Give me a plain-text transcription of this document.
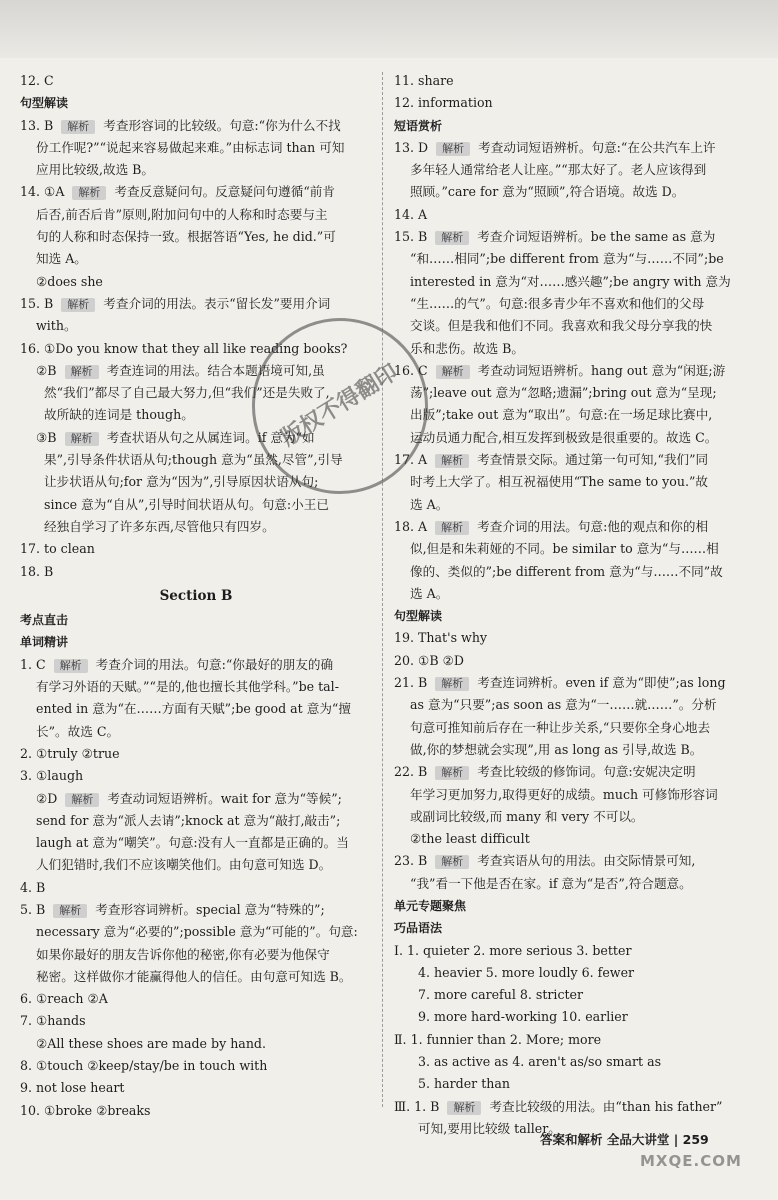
12. C
句型解读
13. B 解析 考查形容词的比较级。句意:“你为什么不找
份工作呢?”“说起来容易做起来难。”由标志词 than 可知
应用比较级,故选 B。
14. ①A 解析 考查反意疑问句。反意疑问句遵循“前肯
后否,前否后肯”原则,附加问句中的人称和时态要与主
句的人称和时态保持一致。根据答语“Yes, he did.”可
知选 A。
②does she
15. B 解析 考查介词的用法。表示“留长发”要用介词
with。
16. ①Do you know that they all like reading books?
②B 解析 考查连词的用法。结合本题语境可知,虽
然“我们”都尽了自己最大努力,但“我们”还是失败了,
故所缺的连词是 though。
③B 解析 考查状语从句之从属连词。if 意为“如
果”,引导条件状语从句;though 意为“虽然,尽管”,引导
让步状语从句;for 意为“因为”,引导原因状语从句;
since 意为“自从”,引导时间状语从句。句意:小王已
经独自学习了许多东西,尽管他只有四岁。
17. to clean
18. B
Section B
考点直击
单词精讲
1. C 解析 考查介词的用法。句意:“你最好的朋友的确
有学习外语的天赋。”“是的,他也擅长其他学科。”be tal-
ented in 意为“在……方面有天赋”;be good at 意为“擅
长”。故选 C。
2. ①truly ②true
3. ①laugh
②D 解析 考查动词短语辨析。wait for 意为“等候”;
send for 意为“派人去请”;knock at 意为“敲打,敲击”;
laugh at 意为“嘲笑”。句意:没有人一直都是正确的。当
人们犯错时,我们不应该嘲笑他们。由句意可知选 D。
4. B
5. B 解析 考查形容词辨析。special 意为“特殊的”;
necessary 意为“必要的”;possible 意为“可能的”。句意:
如果你最好的朋友告诉你他的秘密,你有必要为他保守
秘密。这样做你才能赢得他人的信任。由句意可知选 B。
6. ①reach ②A
7. ①hands
②All these shoes are made by hand.
8. ①touch ②keep/stay/be in touch with
9. not lose heart
10. ①broke ②breaks
11. share
12. information
短语赏析
13. D 解析 考查动词短语辨析。句意:“在公共汽车上许
多年轻人通常给老人让座。”“那太好了。老人应该得到
照顾。”care for 意为“照顾”,符合语境。故选 D。
14. A
15. B 解析 考查介词短语辨析。be the same as 意为
“和……相同”;be different from 意为“与……不同”;be
interested in 意为“对……感兴趣”;be angry with 意为
“生……的气”。句意:很多青少年不喜欢和他们的父母
交谈。但是我和他们不同。我喜欢和我父母分享我的快
乐和悲伤。故选 B。
16. C 解析 考查动词短语辨析。hang out 意为“闲逛;游
荡”;leave out 意为“忽略;遗漏”;bring out 意为“呈现;
出版”;take out 意为“取出”。句意:在一场足球比赛中,
运动员通力配合,相互发挥到极致是很重要的。故选 C。
17. A 解析 考查情景交际。通过第一句可知,“我们”同
时考上大学了。相互祝福使用“The same to you.”故
选 A。
18. A 解析 考查介词的用法。句意:他的观点和你的相
似,但是和朱莉娅的不同。be similar to 意为“与……相
像的、类似的”;be different from 意为“与……不同”故
选 A。
句型解读
19. That's why
20. ①B ②D
21. B 解析 考查连词辨析。even if 意为“即使”;as long
as 意为“只要”;as soon as 意为“一……就……”。分析
句意可推知前后存在一种让步关系,“只要你全身心地去
做,你的梦想就会实现”,用 as long as 引导,故选 B。
22. B 解析 考查比较级的修饰词。句意:安妮决定明
年学习更加努力,取得更好的成绩。much 可修饰形容词
或副词比较级,而 many 和 very 不可以。
②the least difficult
23. B 解析 考查宾语从句的用法。由交际情景可知,
“我”看一下他是否在家。if 意为“是否”,符合题意。
单元专题聚焦
巧品语法
Ⅰ. 1. quieter 2. more serious 3. better
4. heavier 5. more loudly 6. fewer
7. more careful 8. stricter
9. more hard-working 10. earlier
Ⅱ. 1. funnier than 2. More; more
3. as active as 4. aren't as/so smart as
5. harder than
Ⅲ. 1. B 解析 考查比较级的用法。由“than his father”
可知,要用比较级 taller。
版权不得翻印
答案和解析 全品大讲堂 | 259
MXQE.COM
